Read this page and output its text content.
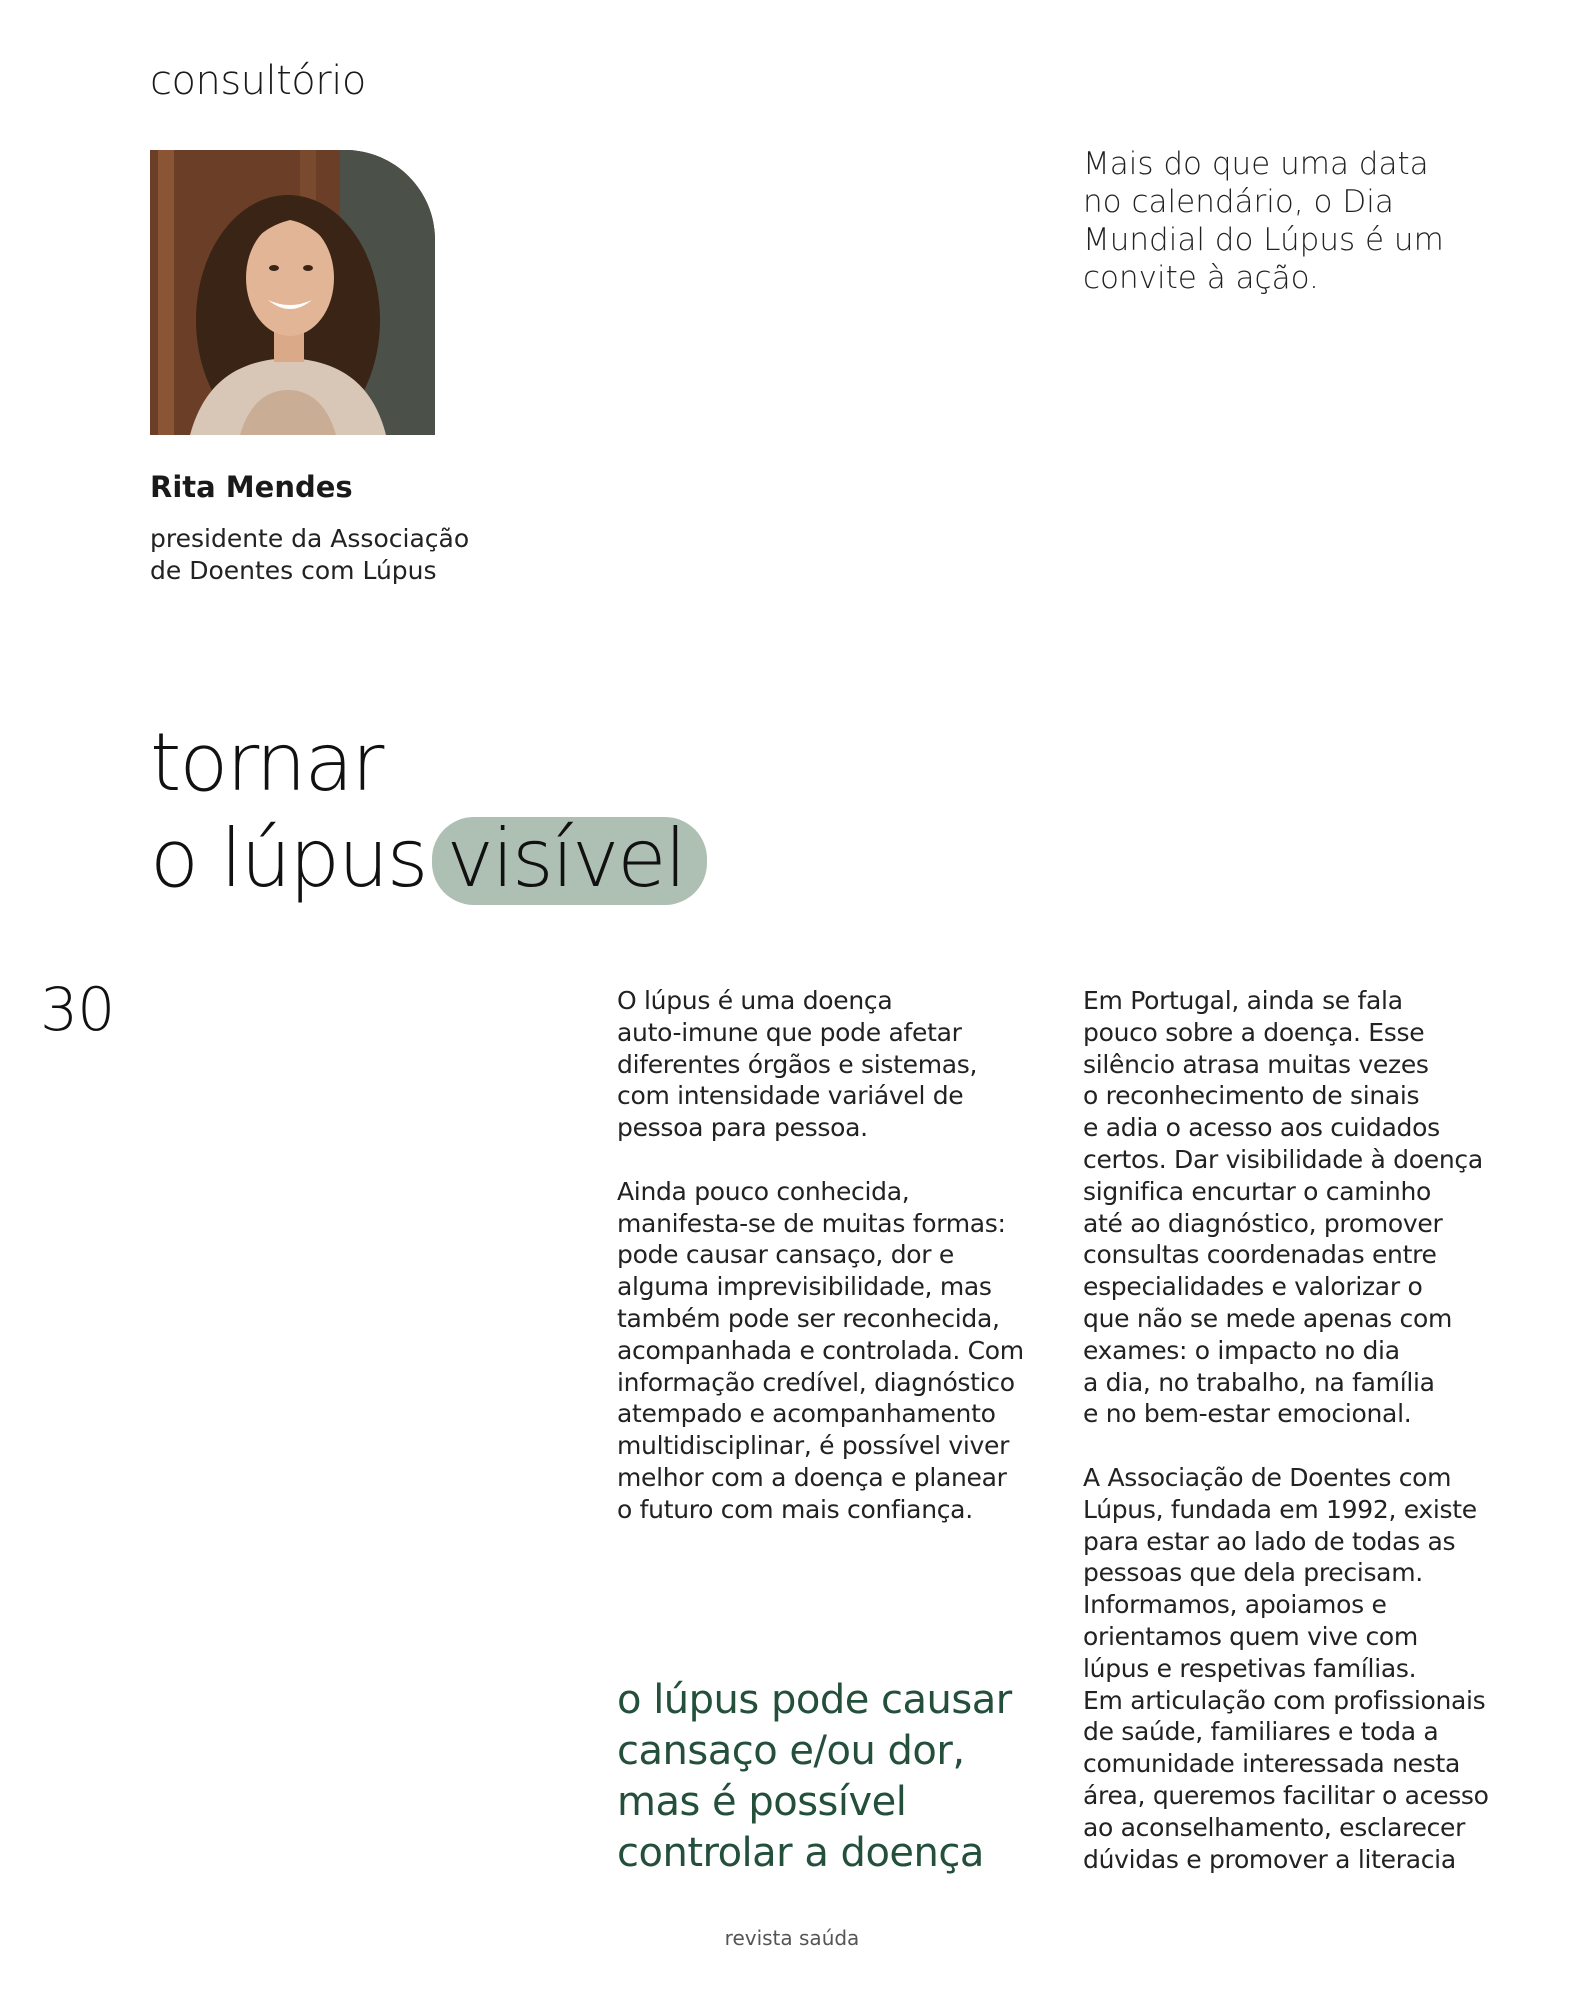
consultório
Rita Mendes
presidente da Associação
de Doentes com Lúpus
Mais do que uma data
no calendário, o Dia
Mundial do Lúpus é um
convite à ação.
tornar
o lúpus visível
30	O lúpus é uma doença
auto-imune que pode afetar
diferentes órgãos e sistemas,
com intensidade variável de
pessoa para pessoa.
Ainda pouco conhecida,
manifesta-se de muitas formas:
pode causar cansaço, dor e
alguma imprevisibilidade, mas
também pode ser reconhecida,
acompanhada e controlada. Com
informação credível, diagnóstico
atempado e acompanhamento
multidisciplinar, é possível viver
melhor com a doença e planear
o futuro com mais confiança.
o lúpus pode causar
cansaço e/ou dor,
mas é possível
controlar a doença
Em Portugal, ainda se fala
pouco sobre a doença. Esse
silêncio atrasa muitas vezes
o reconhecimento de sinais
e adia o acesso aos cuidados
certos. Dar visibilidade à doença
significa encurtar o caminho
até ao diagnóstico, promover
consultas coordenadas entre
especialidades e valorizar o
que não se mede apenas com
exames: o impacto no dia
a dia, no trabalho, na família
e no bem-estar emocional.
A Associação de Doentes com
Lúpus, fundada em 1992, existe
para estar ao lado de todas as
pessoas que dela precisam.
Informamos, apoiamos e
orientamos quem vive com
lúpus e respetivas famílias.
Em articulação com profissionais
de saúde, familiares e toda a
comunidade interessada nesta
área, queremos facilitar o acesso
ao aconselhamento, esclarecer
dúvidas e promover a literacia
revista saúda
